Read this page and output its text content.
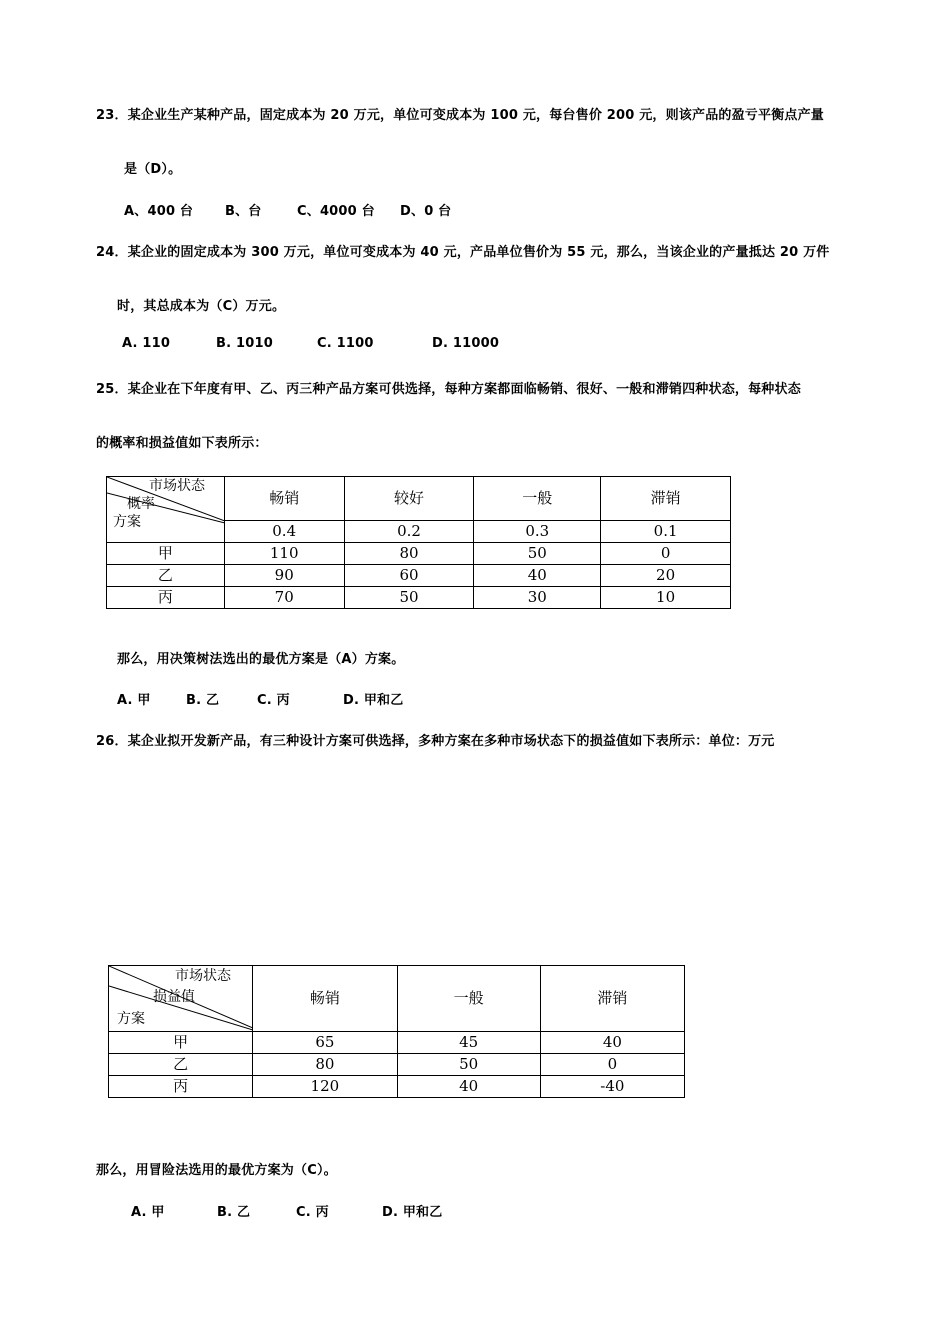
23．某企业生产某种产品，固定成本为 20 万元，单位可变成本为 100 元，每台售价 200 元，则该产品的盈亏平衡点产量
是（D）。
A、400 台 B、台	C、4000 台 D、0 台
24．某企业的固定成本为 300 万元，单位可变成本为 40 元，产品单位售价为 55 元，那么，当该企业的产量抵达 20 万件
时，其总成本为（C）万元。
A. 110	B. 1010	C. 1100	D. 11000
25．某企业在下年度有甲、乙、丙三种产品方案可供选择，每种方案都面临畅销、很好、一般和滞销四种状态，每种状态
的概率和损益值如下表所示：
市场状态
概率
方案	畅销	较好	一般	滞销
	0.4	0.2	0.3	0.1
甲	110	80	50	0
乙	90	60	40	20
丙	70	50	30	10
那么，用决策树法选出的最优方案是（A）方案。
A. 甲	B. 乙	C. 丙	D. 甲和乙
26．某企业拟开发新产品，有三种设计方案可供选择，多种方案在多种市场状态下的损益值如下表所示：单位：万元
市场状态
损益值
方案	畅销	一般	滞销
甲	65	45	40
乙	80	50	0
丙	120	40	-40
那么，用冒险法选用的最优方案为（C）。
A. 甲	B. 乙	C. 丙	D. 甲和乙
